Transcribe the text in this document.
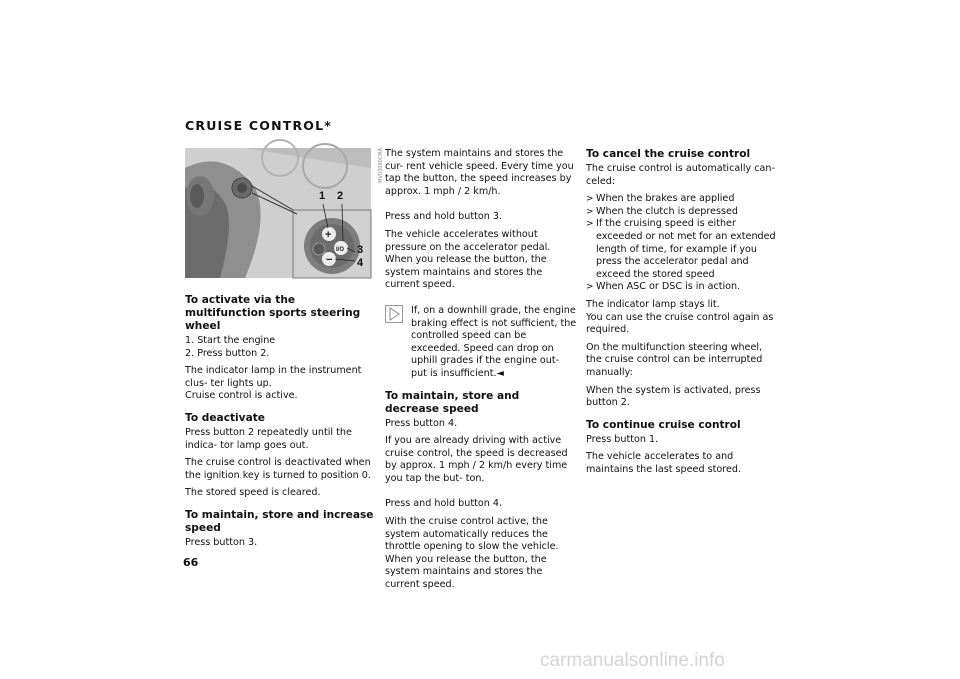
CRUISE CONTROL*
+
I/O
−
1 2
3
4
MV03090CMA
To activate via the multifunction sports steering wheel
1. Start the engine
2. Press button 2.

The indicator lamp in the instrument clus- ter lights up.

Cruise control is active.

To deactivate

Press button 2 repeatedly until the indica- tor lamp goes out.

The cruise control is deactivated when the ignition key is turned to position 0.

The stored speed is cleared.

To maintain, store and increase speed

Press button 3.

The system maintains and stores the cur- rent vehicle speed. Every time you tap the button, the speed increases by approx. 1 mph / 2 km/h.

Press and hold button 3.

The vehicle accelerates without pressure on the accelerator pedal. When you release the button, the system maintains and stores the current speed.

If, on a downhill grade, the engine braking effect is not sufficient, the controlled speed can be exceeded. Speed can drop on uphill grades if the engine out- put is insufficient.◄
To maintain, store and decrease speed

Press button 4.

If you are already driving with active cruise control, the speed is decreased by approx. 1 mph / 2 km/h every time you tap the but- ton.

Press and hold button 4.

With the cruise control active, the system automatically reduces the throttle opening to slow the vehicle. When you release the button, the system maintains and stores the current speed.

To cancel the cruise control

The cruise control is automatically can- celed:

> When the brakes are applied
> When the clutch is depressed
> If the cruising speed is either exceeded or not met for an extended length of time, for example if you press the accelerator pedal and exceed the stored speed
> When ASC or DSC is in action.

The indicator lamp stays lit.

You can use the cruise control again as required.

On the multifunction steering wheel, the cruise control can be interrupted manually:

When the system is activated, press button 2.

To continue cruise control

Press button 1.

The vehicle accelerates to and maintains the last speed stored.

66
carmanualsonline.info
